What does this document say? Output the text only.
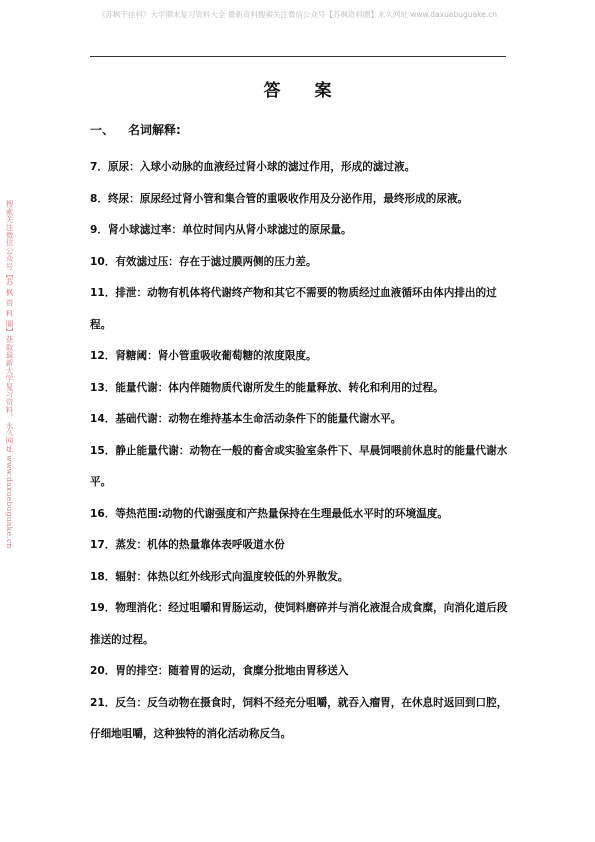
《苏枫不挂科》大学期末复习资料大全 最新资料搜索关注微信公众号【苏枫资料圈】永久网址 www.daxuebuguake.cn
搜索关注微信公众号【苏 枫 资 料 圈】获取最新大学复习资料，永久网址 www.daxuebuguake.cn
答案
一、 名词解释:

7．原尿：入球小动脉的血液经过肾小球的滤过作用，形成的滤过液。

8．终尿：原尿经过肾小管和集合管的重吸收作用及分泌作用，最终形成的尿液。

9．肾小球滤过率：单位时间内从肾小球滤过的原尿量。

10．有效滤过压：存在于滤过膜两侧的压力差。

11．排泄：动物有机体将代谢终产物和其它不需要的物质经过血液循环由体内排出的过程。

12．肾糖阈：肾小管重吸收葡萄糖的浓度限度。

13．能量代谢：体内伴随物质代谢所发生的能量释放、转化和利用的过程。

14．基础代谢：动物在维持基本生命活动条件下的能量代谢水平。

15．静止能量代谢：动物在一般的畜舍或实验室条件下、早晨饲喂前休息时的能量代谢水平。

16．等热范围:动物的代谢强度和产热量保持在生理最低水平时的环境温度。

17．蒸发：机体的热量靠体表呼吸道水份

18．辐射：体热以红外线形式向温度较低的外界散发。

19．物理消化：经过咀嚼和胃肠运动，使饲料磨碎并与消化液混合成食糜，向消化道后段推送的过程。

20．胃的排空：随着胃的运动，食糜分批地由胃移送入

21．反刍：反刍动物在摄食时，饲料不经充分咀嚼，就吞入瘤胃，在休息时返回到口腔，仔细地咀嚼，这种独特的消化活动称反刍。
